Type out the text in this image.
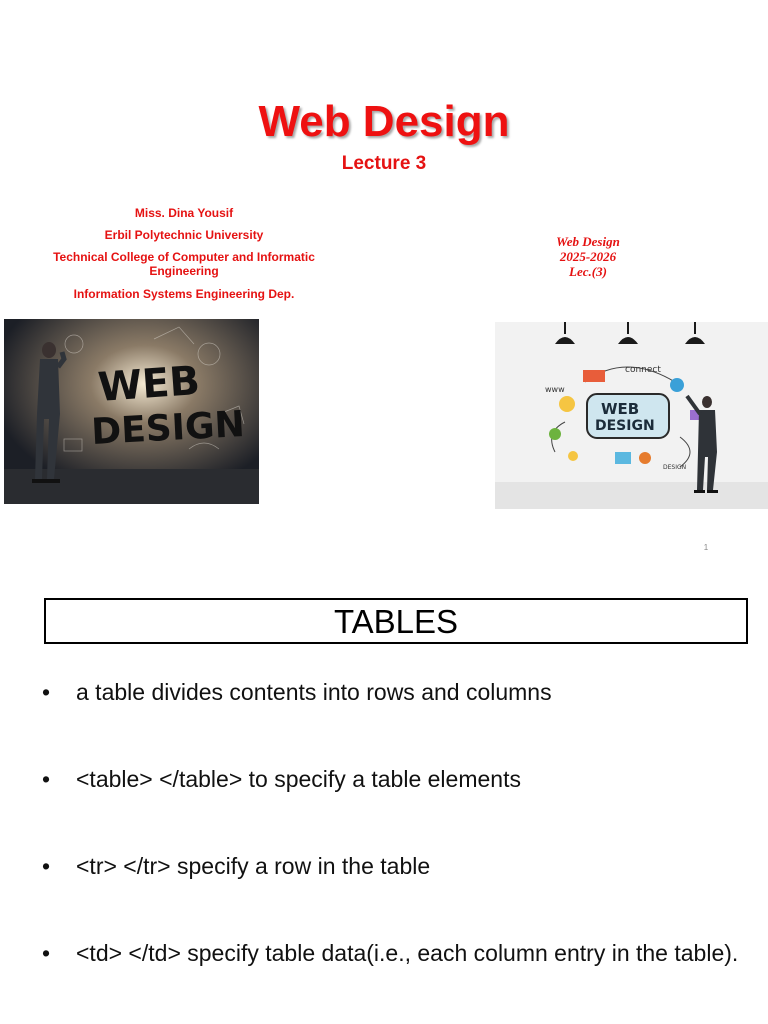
Web Design
Lecture 3
Miss. Dina Yousif
Erbil Polytechnic University
Technical College of Computer and Informatic Engineering
Information Systems Engineering Dep.
Web Design
2025-2026
Lec.(3)
WEB
DESIGN	WEB
DESIGN
connect
www
DESIGN
1
TABLES
• a table divides contents into rows and columns
• <table> </table> to specify a table elements
• <tr> </tr> specify a row in the table
• <td> </td> specify table data(i.e., each column entry in the table).
